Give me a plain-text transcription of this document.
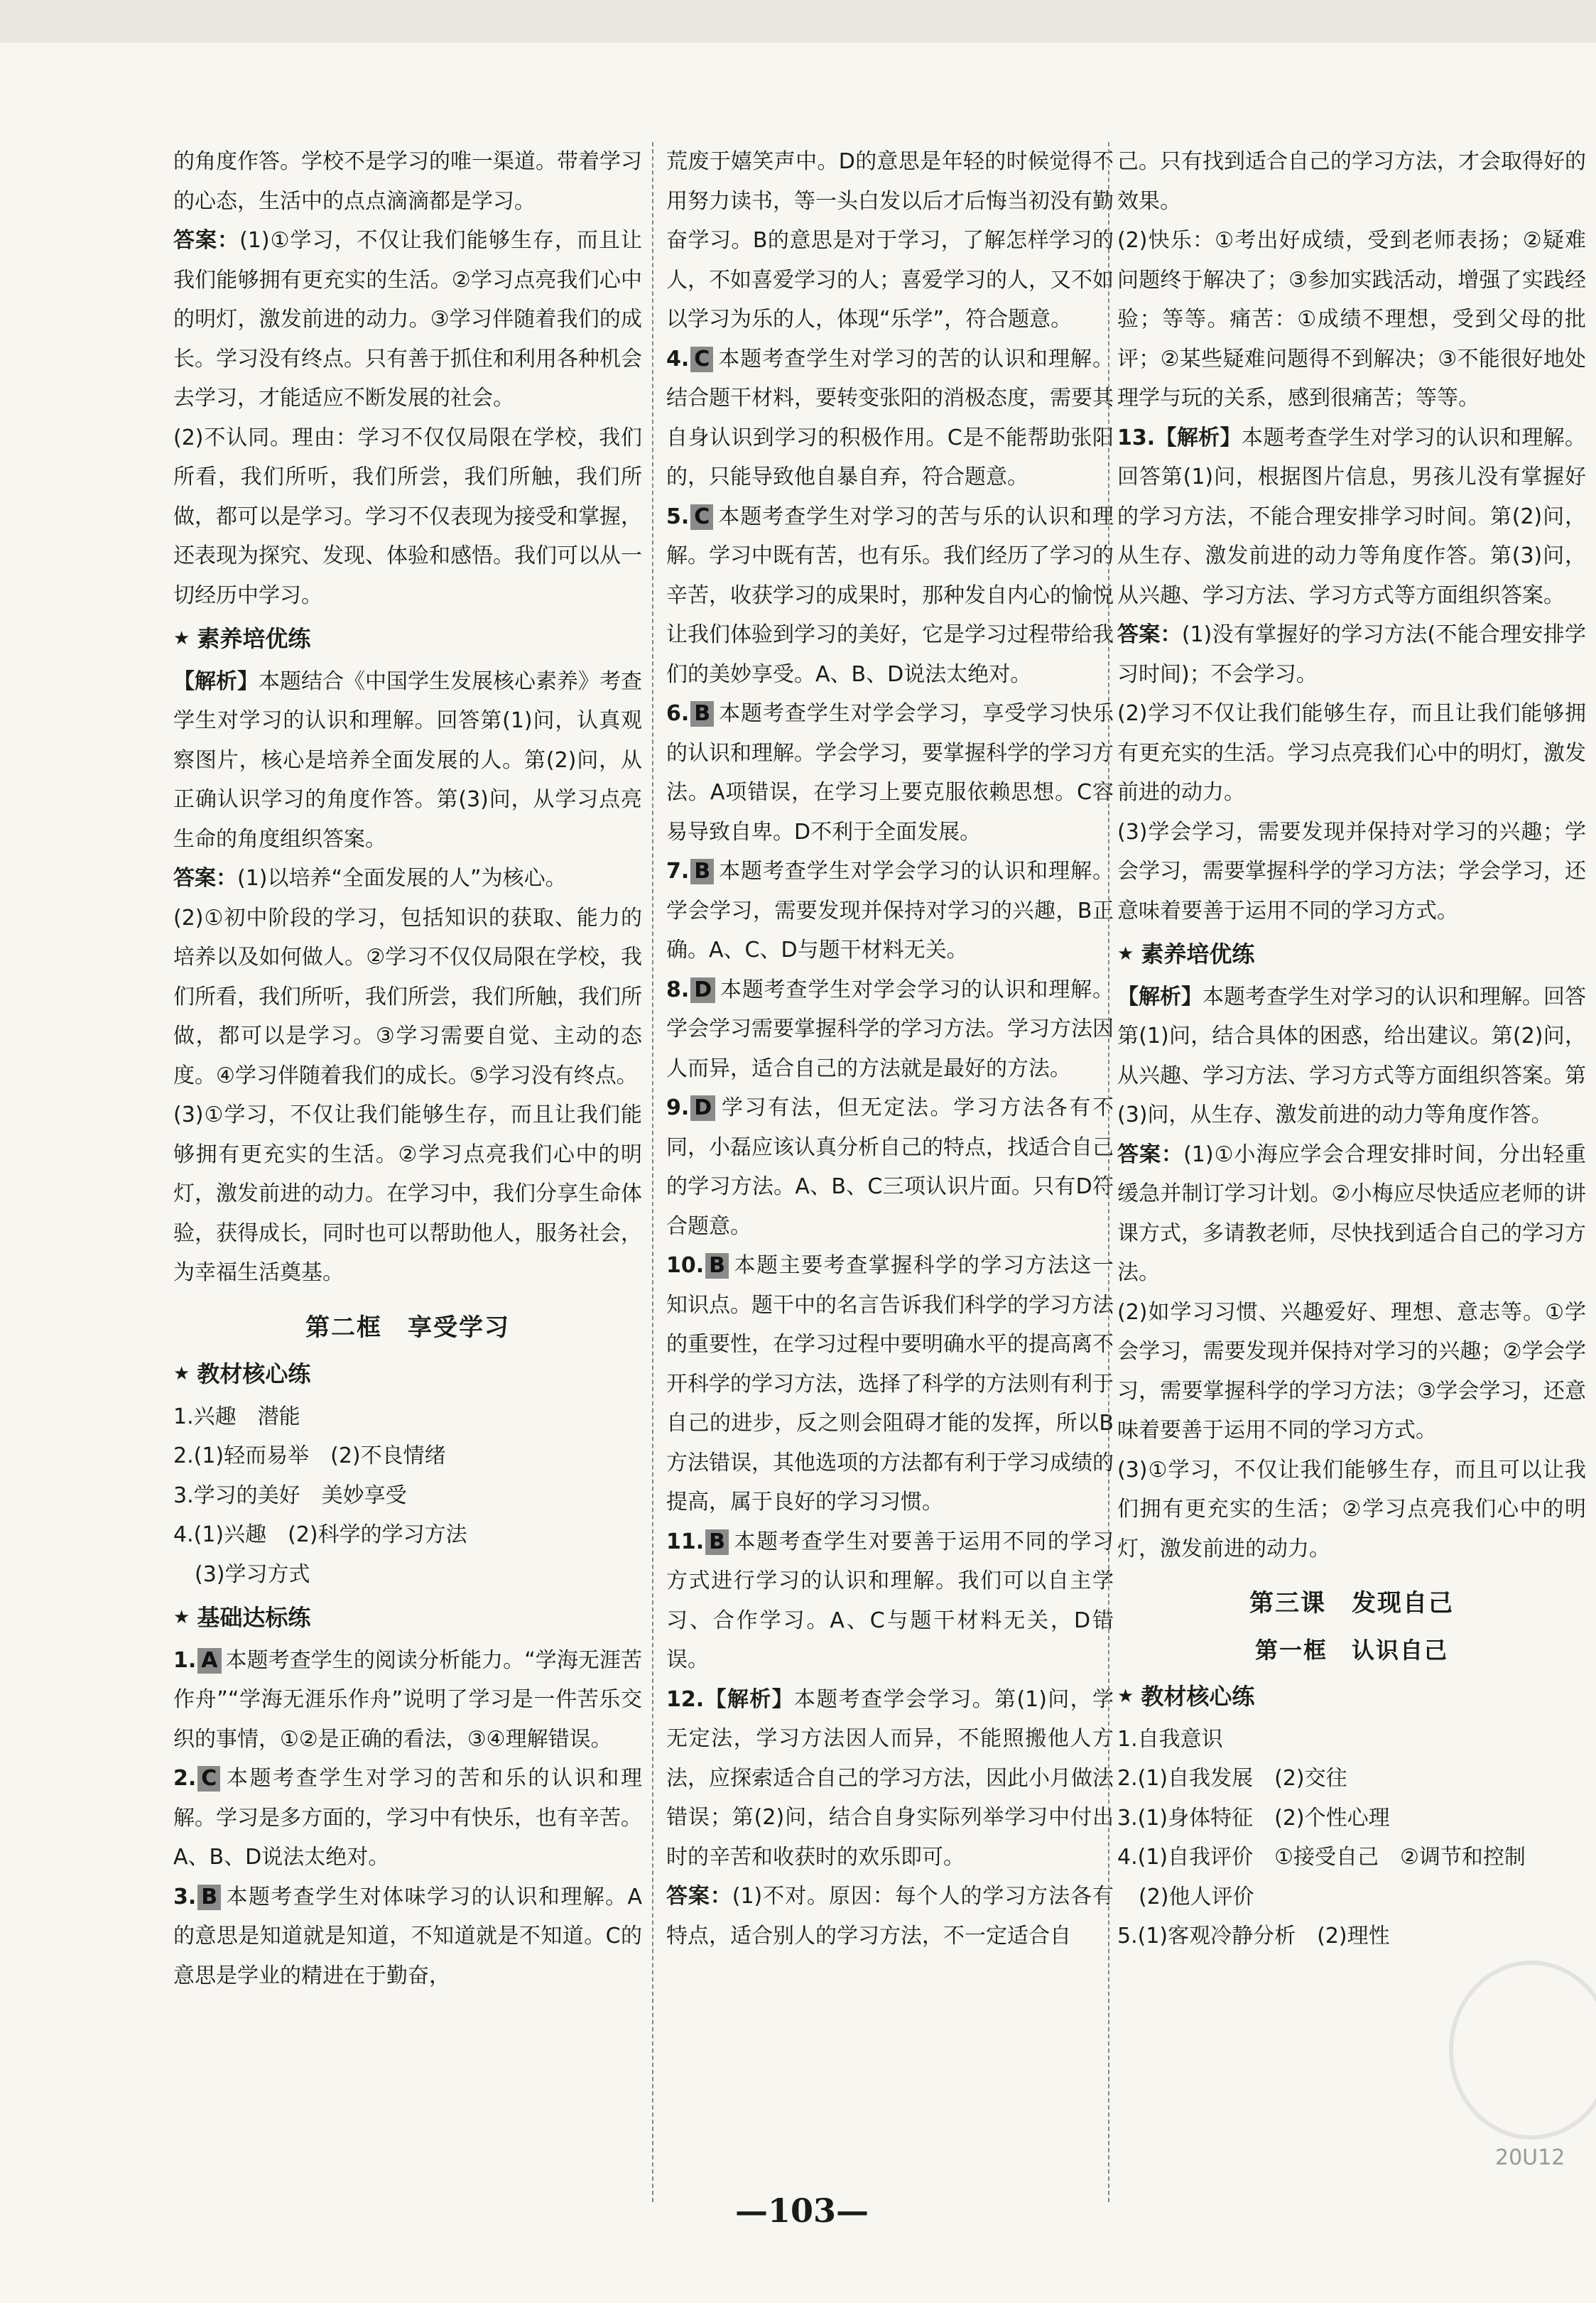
的角度作答。学校不是学习的唯一渠道。带着学习的心态，生活中的点点滴滴都是学习。

答案：(1)①学习，不仅让我们能够生存，而且让我们能够拥有更充实的生活。②学习点亮我们心中的明灯，激发前进的动力。③学习伴随着我们的成长。学习没有终点。只有善于抓住和利用各种机会去学习，才能适应不断发展的社会。

(2)不认同。理由：学习不仅仅局限在学校，我们所看，我们所听，我们所尝，我们所触，我们所做，都可以是学习。学习不仅表现为接受和掌握，还表现为探究、发现、体验和感悟。我们可以从一切经历中学习。

★ 素养培优练

【解析】本题结合《中国学生发展核心素养》考查学生对学习的认识和理解。回答第(1)问，认真观察图片，核心是培养全面发展的人。第(2)问，从正确认识学习的角度作答。第(3)问，从学习点亮生命的角度组织答案。

答案：(1)以培养“全面发展的人”为核心。

(2)①初中阶段的学习，包括知识的获取、能力的培养以及如何做人。②学习不仅仅局限在学校，我们所看，我们所听，我们所尝，我们所触，我们所做，都可以是学习。③学习需要自觉、主动的态度。④学习伴随着我们的成长。⑤学习没有终点。

(3)①学习，不仅让我们能够生存，而且让我们能够拥有更充实的生活。②学习点亮我们心中的明灯，激发前进的动力。在学习中，我们分享生命体验，获得成长，同时也可以帮助他人，服务社会，为幸福生活奠基。

第二框　享受学习
★ 教材核心练
1.兴趣　潜能
2.(1)轻而易举　(2)不良情绪
3.学习的美好　美妙享受
4.(1)兴趣　(2)科学的学习方法
(3)学习方式
★ 基础达标练

1. A 本题考查学生的阅读分析能力。“学海无涯苦作舟”“学海无涯乐作舟”说明了学习是一件苦乐交织的事情，①②是正确的看法，③④理解错误。

2. C 本题考查学生对学习的苦和乐的认识和理解。学习是多方面的，学习中有快乐，也有辛苦。A、B、D说法太绝对。

3. B 本题考查学生对体味学习的认识和理解。A的意思是知道就是知道，不知道就是不知道。C的意思是学业的精进在于勤奋，

荒废于嬉笑声中。D的意思是年轻的时候觉得不用努力读书，等一头白发以后才后悔当初没有勤奋学习。B的意思是对于学习，了解怎样学习的人，不如喜爱学习的人；喜爱学习的人，又不如以学习为乐的人，体现“乐学”，符合题意。

4. C 本题考查学生对学习的苦的认识和理解。结合题干材料，要转变张阳的消极态度，需要其自身认识到学习的积极作用。C是不能帮助张阳的，只能导致他自暴自弃，符合题意。

5. C 本题考查学生对学习的苦与乐的认识和理解。学习中既有苦，也有乐。我们经历了学习的辛苦，收获学习的成果时，那种发自内心的愉悦让我们体验到学习的美好，它是学习过程带给我们的美妙享受。A、B、D说法太绝对。

6. B 本题考查学生对学会学习，享受学习快乐的认识和理解。学会学习，要掌握科学的学习方法。A项错误，在学习上要克服依赖思想。C容易导致自卑。D不利于全面发展。

7. B 本题考查学生对学会学习的认识和理解。学会学习，需要发现并保持对学习的兴趣，B正确。A、C、D与题干材料无关。

8. D 本题考查学生对学会学习的认识和理解。学会学习需要掌握科学的学习方法。学习方法因人而异，适合自己的方法就是最好的方法。

9. D 学习有法，但无定法。学习方法各有不同，小磊应该认真分析自己的特点，找适合自己的学习方法。A、B、C三项认识片面。只有D符合题意。

10. B 本题主要考查掌握科学的学习方法这一知识点。题干中的名言告诉我们科学的学习方法的重要性，在学习过程中要明确水平的提高离不开科学的学习方法，选择了科学的方法则有利于自己的进步，反之则会阻碍才能的发挥，所以B方法错误，其他选项的方法都有利于学习成绩的提高，属于良好的学习习惯。

11. B 本题考查学生对要善于运用不同的学习方式进行学习的认识和理解。我们可以自主学习、合作学习。A、C与题干材料无关，D错误。

12.【解析】本题考查学会学习。第(1)问，学无定法，学习方法因人而异，不能照搬他人方法，应探索适合自己的学习方法，因此小月做法错误；第(2)问，结合自身实际列举学习中付出时的辛苦和收获时的欢乐即可。

答案：(1)不对。原因：每个人的学习方法各有特点，适合别人的学习方法，不一定适合自

己。只有找到适合自己的学习方法，才会取得好的效果。

(2)快乐：①考出好成绩，受到老师表扬；②疑难问题终于解决了；③参加实践活动，增强了实践经验；等等。痛苦：①成绩不理想，受到父母的批评；②某些疑难问题得不到解决；③不能很好地处理学与玩的关系，感到很痛苦；等等。

13.【解析】本题考查学生对学习的认识和理解。回答第(1)问，根据图片信息，男孩儿没有掌握好的学习方法，不能合理安排学习时间。第(2)问，从生存、激发前进的动力等角度作答。第(3)问，从兴趣、学习方法、学习方式等方面组织答案。

答案：(1)没有掌握好的学习方法(不能合理安排学习时间)；不会学习。

(2)学习不仅让我们能够生存，而且让我们能够拥有更充实的生活。学习点亮我们心中的明灯，激发前进的动力。

(3)学会学习，需要发现并保持对学习的兴趣；学会学习，需要掌握科学的学习方法；学会学习，还意味着要善于运用不同的学习方式。

★ 素养培优练

【解析】本题考查学生对学习的认识和理解。回答第(1)问，结合具体的困惑，给出建议。第(2)问，从兴趣、学习方法、学习方式等方面组织答案。第(3)问，从生存、激发前进的动力等角度作答。

答案：(1)①小海应学会合理安排时间，分出轻重缓急并制订学习计划。②小梅应尽快适应老师的讲课方式，多请教老师，尽快找到适合自己的学习方法。

(2)如学习习惯、兴趣爱好、理想、意志等。①学会学习，需要发现并保持对学习的兴趣；②学会学习，需要掌握科学的学习方法；③学会学习，还意味着要善于运用不同的学习方式。

(3)①学习，不仅让我们能够生存，而且可以让我们拥有更充实的生活；②学习点亮我们心中的明灯，激发前进的动力。

第三课　发现自己
第一框　认识自己
★ 教材核心练
1.自我意识
2.(1)自我发展　(2)交往
3.(1)身体特征　(2)个性心理
4.(1)自我评价　①接受自己　②调节和控制
(2)他人评价
5.(1)客观冷静分析　(2)理性
20U12
—103—
